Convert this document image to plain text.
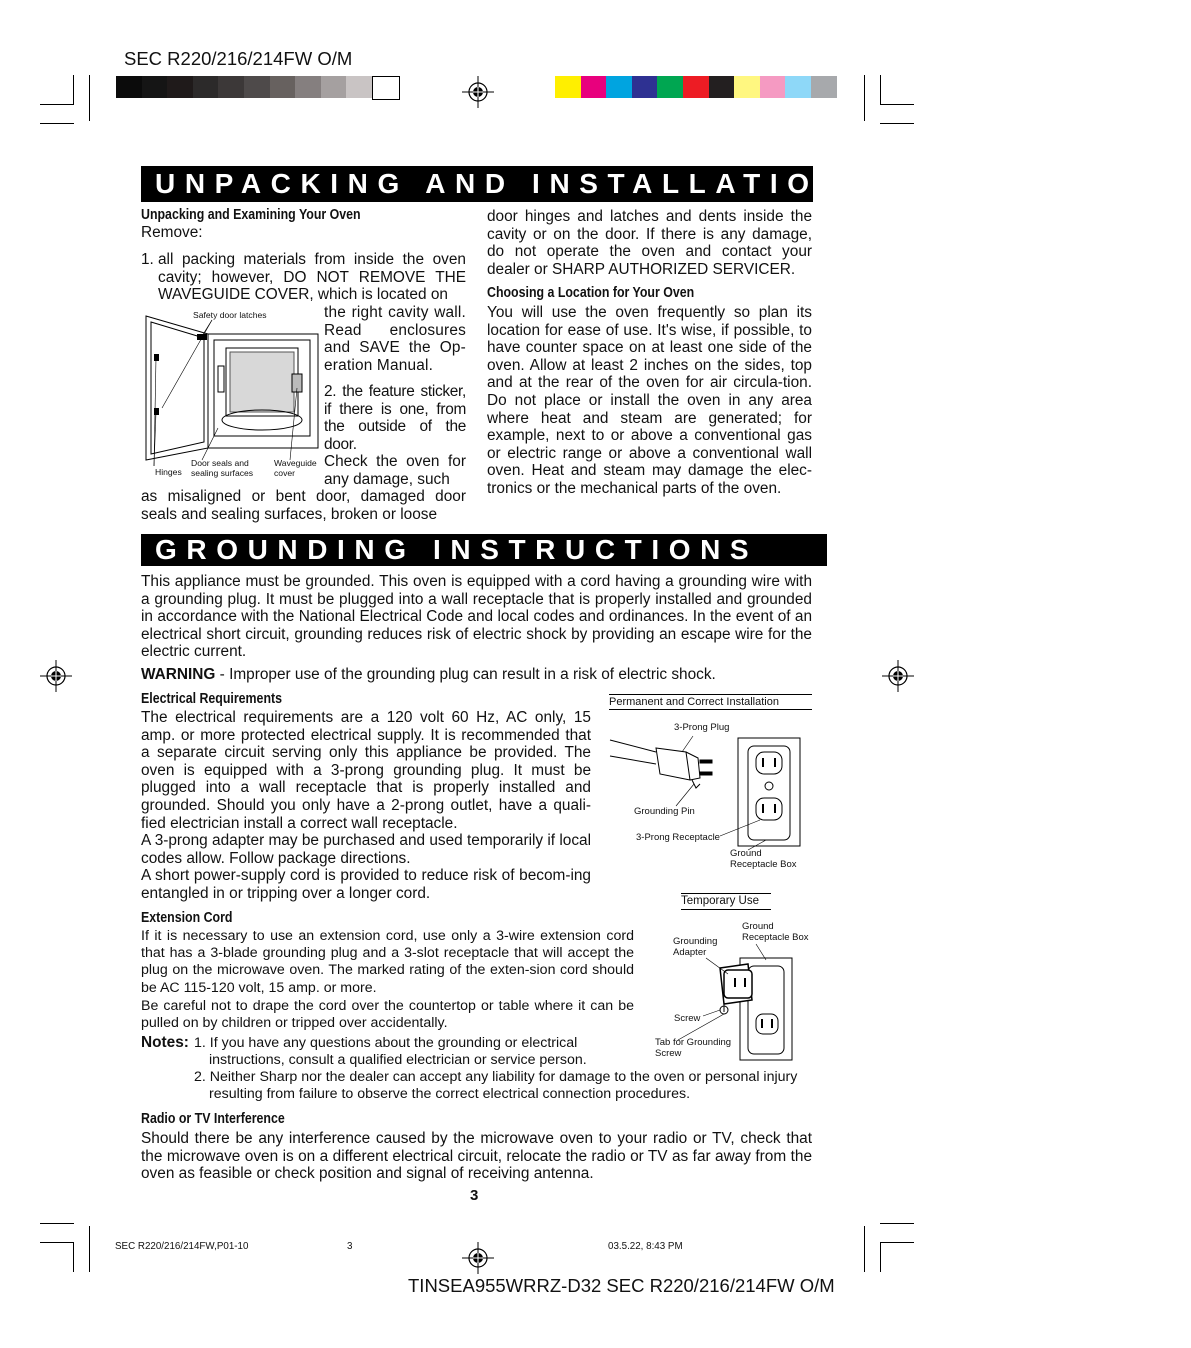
SEC R220/216/214FW O/M
UNPACKING AND INSTALLATION INSTRUCTIONS
Unpacking and Examining Your Oven
Remove:
1. all packing materials from inside the oven cavity; however, DO NOT REMOVE THE WAVEGUIDE COVER, which is located on
the right cavity wall. Read enclosures and SAVE the Op-eration Manual.
2. the feature sticker, if there is one, from the outside of the door.
Check the oven for any damage, such
as misaligned or bent door, damaged door seals and sealing surfaces, broken or loose
Safety door latches
Hinges
Door seals and sealing surfaces
Waveguide cover
door hinges and latches and dents inside the cavity or on the door. If there is any damage, do not operate the oven and contact your dealer or SHARP AUTHORIZED SERVICER.
Choosing a Location for Your Oven
You will use the oven frequently so plan its location for ease of use. It's wise, if possible, to have counter space on at least one side of the oven. Allow at least 2 inches on the sides, top and at the rear of the oven for air circula-tion. Do not place or install the oven in any area where heat and steam are generated; for example, next to or above a conventional gas or electric range or above a conventional wall oven. Heat and steam may damage the elec-tronics or the mechanical parts of the oven.
GROUNDING INSTRUCTIONS
This appliance must be grounded. This oven is equipped with a cord having a grounding wire with a grounding plug. It must be plugged into a wall receptacle that is properly installed and grounded in accordance with the National Electrical Code and local codes and ordinances. In the event of an electrical short circuit, grounding reduces risk of electric shock by providing an escape wire for the electric current.
WARNING - Improper use of the grounding plug can result in a risk of electric shock.
Electrical Requirements
The electrical requirements are a 120 volt 60 Hz, AC only, 15 amp. or more protected electrical supply. It is recommended that a separate circuit serving only this appliance be provided. The oven is equipped with a 3-prong grounding plug. It must be plugged into a wall receptacle that is properly installed and grounded. Should you only have a 2-prong outlet, have a quali-fied electrician install a correct wall receptacle.
A 3-prong adapter may be purchased and used temporarily if local codes allow. Follow package directions.
A short power-supply cord is provided to reduce risk of becom-ing entangled in or tripping over a longer cord.
Extension Cord
If it is necessary to use an extension cord, use only a 3-wire extension cord that has a 3-blade grounding plug and a 3-slot receptacle that will accept the plug on the microwave oven. The marked rating of the exten-sion cord should be AC 115-120 volt, 15 amp. or more.
Be careful not to drape the cord over the countertop or table where it can be pulled on by children or tripped over accidentally.
Notes: 1. If you have any questions about the grounding or electrical instructions, consult a qualified electrician or service person.
2. Neither Sharp nor the dealer can accept any liability for damage to the oven or personal injury resulting from failure to observe the correct electrical connection procedures.
Radio or TV Interference
Should there be any interference caused by the microwave oven to your radio or TV, check that the microwave oven is on a different electrical circuit, relocate the radio or TV as far away from the oven as feasible or check position and signal of receiving antenna.
Permanent and Correct Installation
3-Prong Plug
Grounding Pin
3-Prong Receptacle
Ground Receptacle Box
Temporary Use
Ground Receptacle Box
Grounding Adapter
Screw
Tab for Grounding Screw
3
SEC R220/216/214FW,P01-10	3	03.5.22, 8:43 PM
TINSEA955WRRZ-D32 SEC R220/216/214FW O/M
